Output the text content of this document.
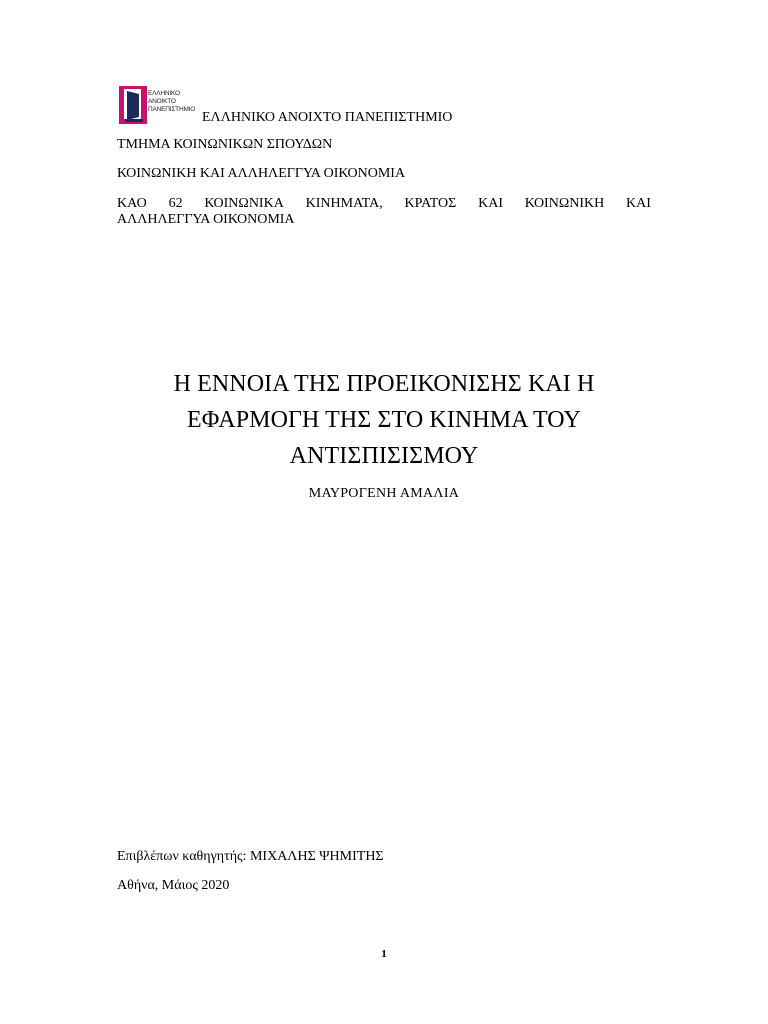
ΕΛΛΗΝΙΚΟ
ΑΝΟΙΚΤΟ
ΠΑΝΕΠΙΣΤΗΜΙΟ
ΕΛΛΗΝΙΚΟ ΑΝΟΙΧΤΟ ΠΑΝΕΠΙΣΤΗΜΙΟ
ΤΜΗΜΑ ΚΟΙΝΩΝΙΚΩΝ ΣΠΟΥΔΩΝ
ΚΟΙΝΩΝΙΚΗ ΚΑΙ ΑΛΛΗΛΕΓΓΥΑ ΟΙΚΟΝΟΜΙΑ
ΚΑΟ 62 ΚΟΙΝΩΝΙΚΑ ΚΙΝΗΜΑΤΑ, ΚΡΑΤΟΣ ΚΑΙ ΚΟΙΝΩΝΙΚΗ ΚΑΙ
ΑΛΛΗΛΕΓΓΥΑ ΟΙΚΟΝΟΜΙΑ
Η ΕΝΝΟΙΑ ΤΗΣ ΠΡΟΕΙΚΟΝΙΣΗΣ ΚΑΙ Η
ΕΦΑΡΜΟΓΗ ΤΗΣ ΣΤΟ ΚΙΝΗΜΑ ΤΟΥ
ΑΝΤΙΣΠΙΣΙΣΜΟΥ
ΜΑΥΡΟΓΕΝΗ ΑΜΑΛΙΑ
Επιβλέπων καθηγητής: ΜΙΧΑΛΗΣ ΨΗΜΙΤΗΣ
Αθήνα, Μάιος 2020
1
